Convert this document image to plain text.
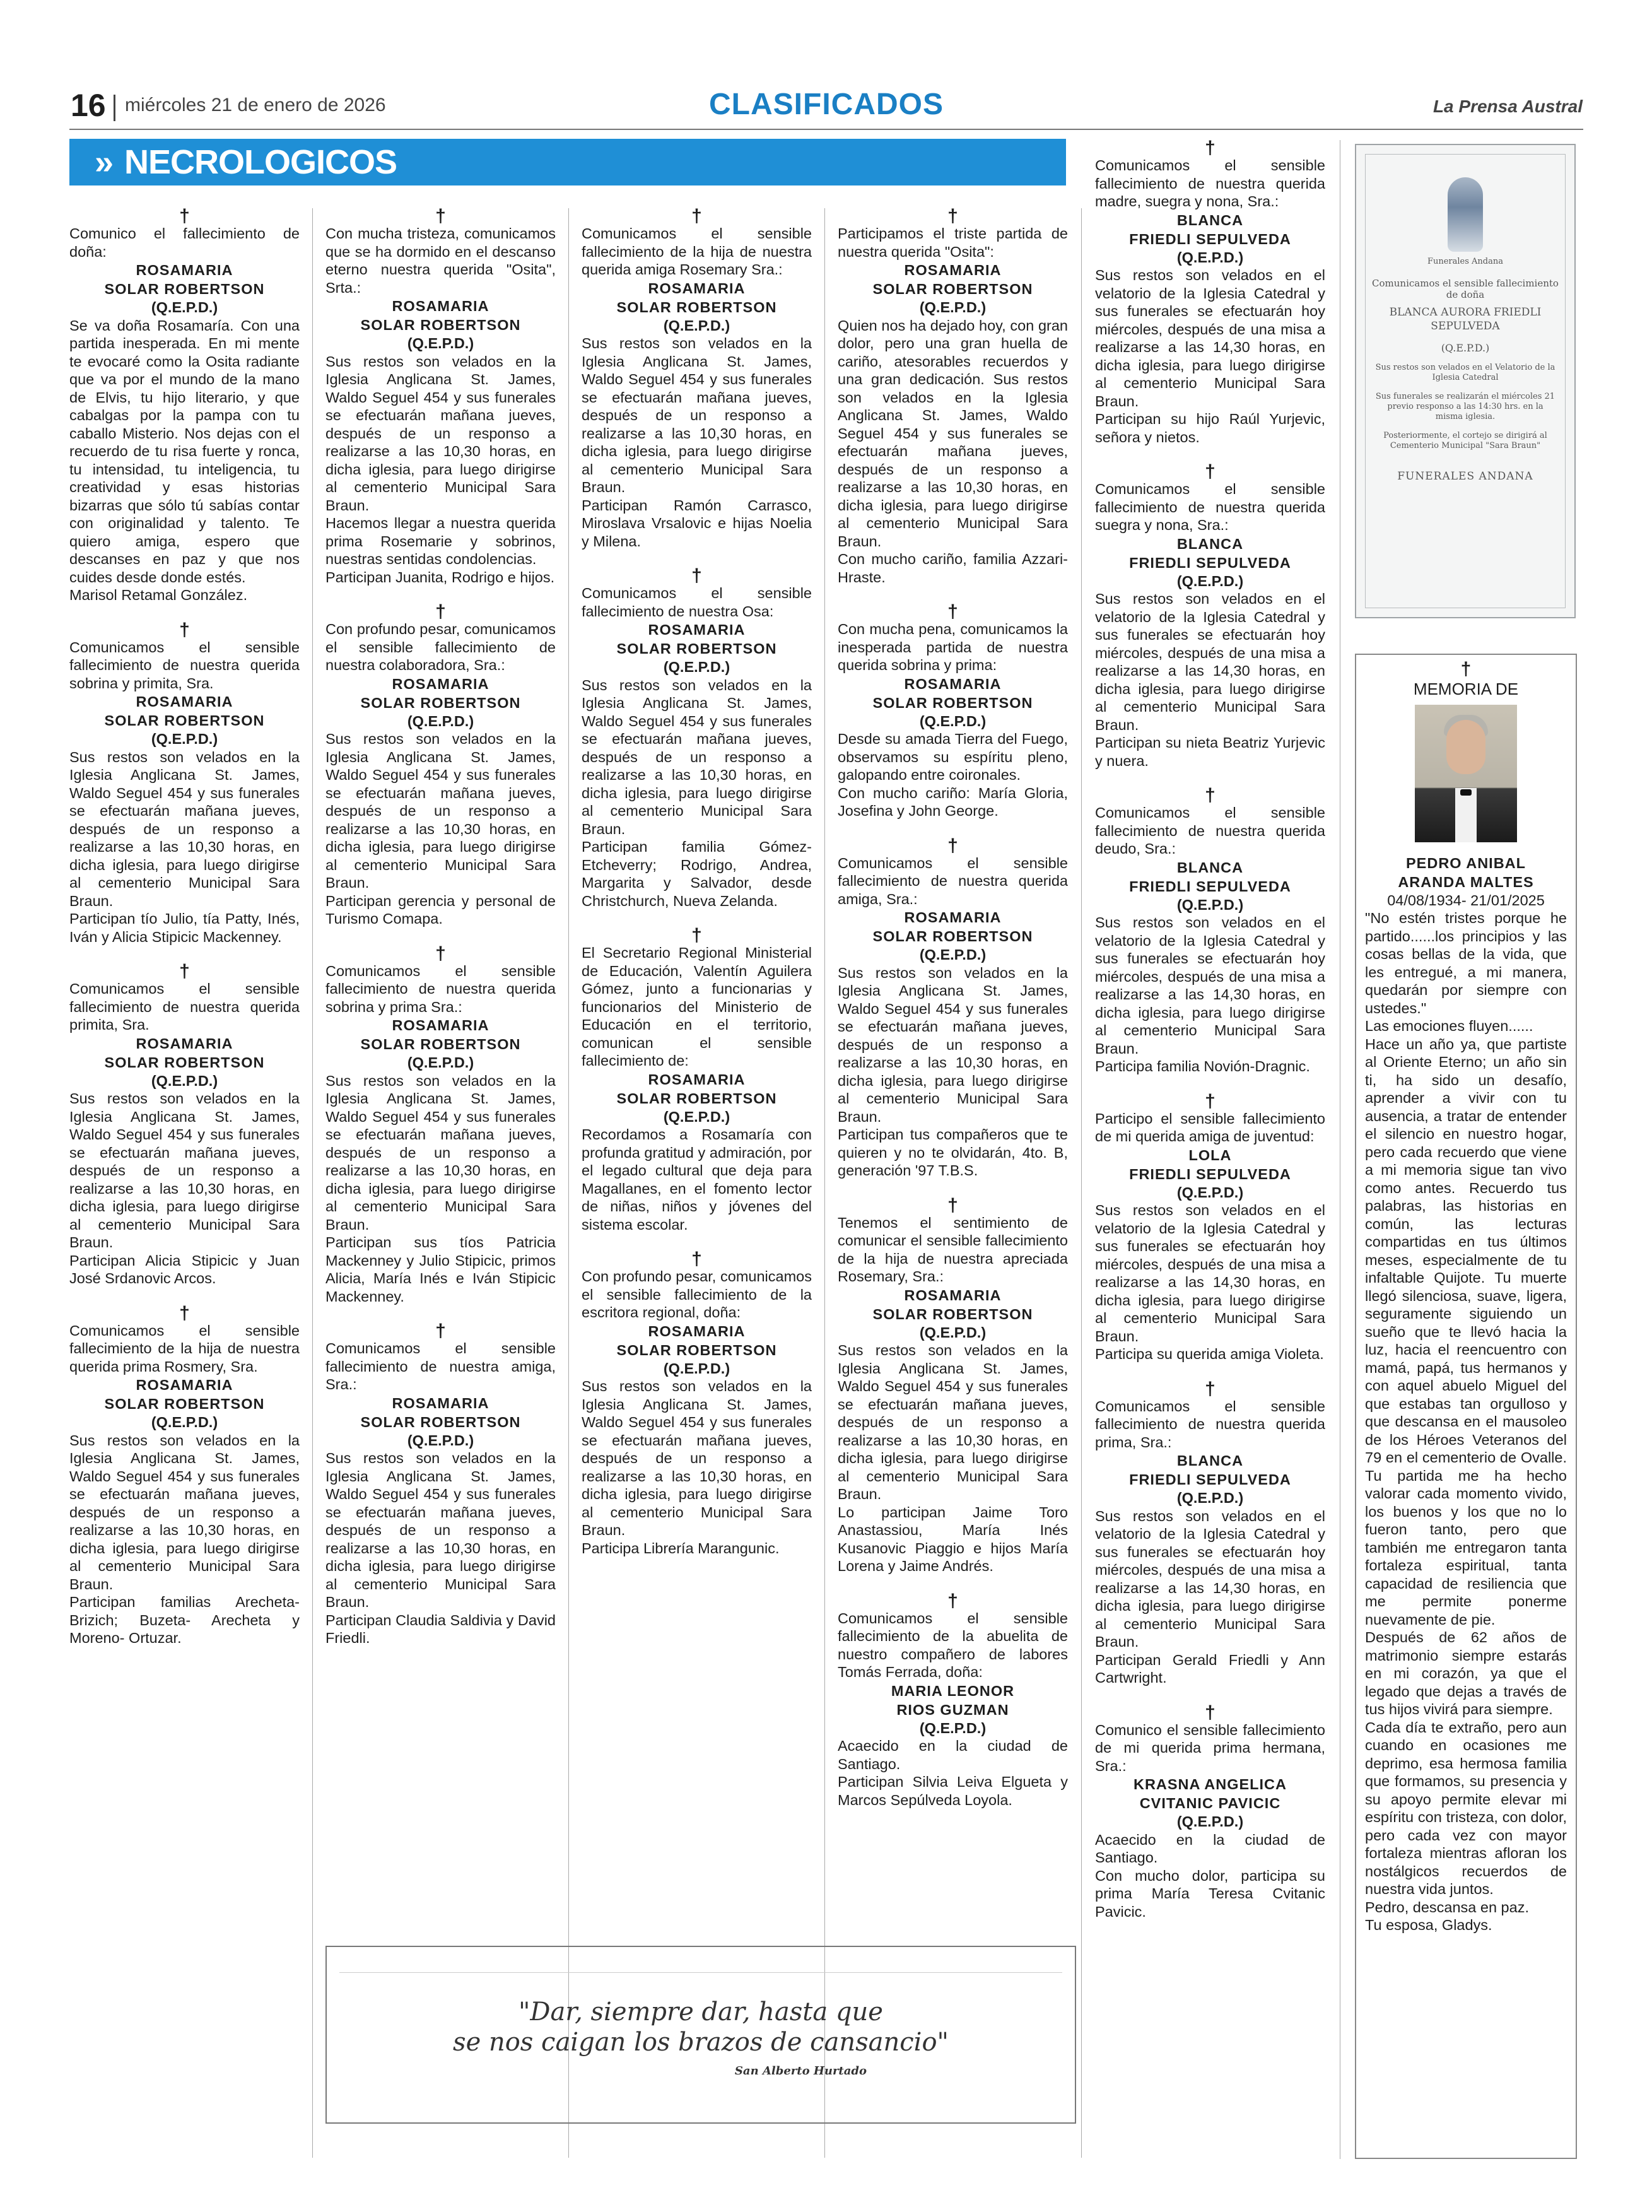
16 miércoles 21 de enero de 2026	CLASIFICADOS	La Prensa Austral
» NECROLOGICOS
†

Comunico el fallecimiento de doña:

ROSAMARIA
SOLAR ROBERTSON
(Q.E.P.D.)

Se va doña Rosamaría. Con una partida inesperada. En mi mente te evocaré como la Osita radiante que va por el mundo de la mano de Elvis, tu hijo literario, y que cabalgas por la pampa con tu caballo Misterio. Nos dejas con el recuerdo de tu risa fuerte y ronca, tu intensidad, tu inteligencia, tu creatividad y esas historias bizarras que sólo tú sabías contar con originalidad y talento. Te quiero amiga, espero que descanses en paz y que nos cuides desde donde estés.

Marisol Retamal González.

†

Comunicamos el sensible fallecimiento de nuestra querida sobrina y primita, Sra.

ROSAMARIA
SOLAR ROBERTSON
(Q.E.P.D.)

Sus restos son velados en la Iglesia Anglicana St. James, Waldo Seguel 454 y sus funerales se efectuarán mañana jueves, después de un responso a realizarse a las 10,30 horas, en dicha iglesia, para luego dirigirse al cementerio Municipal Sara Braun.

Participan tío Julio, tía Patty, Inés, Iván y Alicia Stipicic Mackenney.

†

Comunicamos el sensible fallecimiento de nuestra querida primita, Sra.

ROSAMARIA
SOLAR ROBERTSON
(Q.E.P.D.)

Sus restos son velados en la Iglesia Anglicana St. James, Waldo Seguel 454 y sus funerales se efectuarán mañana jueves, después de un responso a realizarse a las 10,30 horas, en dicha iglesia, para luego dirigirse al cementerio Municipal Sara Braun.

Participan Alicia Stipicic y Juan José Srdanovic Arcos.

†

Comunicamos el sensible fallecimiento de la hija de nuestra querida prima Rosmery, Sra.

ROSAMARIA
SOLAR ROBERTSON
(Q.E.P.D.)

Sus restos son velados en la Iglesia Anglicana St. James, Waldo Seguel 454 y sus funerales se efectuarán mañana jueves, después de un responso a realizarse a las 10,30 horas, en dicha iglesia, para luego dirigirse al cementerio Municipal Sara Braun.

Participan familias Arecheta-Brizich; Buzeta- Arecheta y Moreno- Ortuzar.

†

Con mucha tristeza, comunicamos que se ha dormido en el descanso eterno nuestra querida "Osita", Srta.:

ROSAMARIA
SOLAR ROBERTSON
(Q.E.P.D.)

Sus restos son velados en la Iglesia Anglicana St. James, Waldo Seguel 454 y sus funerales se efectuarán mañana jueves, después de un responso a realizarse a las 10,30 horas, en dicha iglesia, para luego dirigirse al cementerio Municipal Sara Braun.

Hacemos llegar a nuestra querida prima Rosemarie y sobrinos, nuestras sentidas condolencias.

Participan Juanita, Rodrigo e hijos.

†

Con profundo pesar, comunicamos el sensible fallecimiento de nuestra colaboradora, Sra.:

ROSAMARIA
SOLAR ROBERTSON
(Q.E.P.D.)

Sus restos son velados en la Iglesia Anglicana St. James, Waldo Seguel 454 y sus funerales se efectuarán mañana jueves, después de un responso a realizarse a las 10,30 horas, en dicha iglesia, para luego dirigirse al cementerio Municipal Sara Braun.

Participan gerencia y personal de Turismo Comapa.

†

Comunicamos el sensible fallecimiento de nuestra querida sobrina y prima Sra.:

ROSAMARIA
SOLAR ROBERTSON
(Q.E.P.D.)

Sus restos son velados en la Iglesia Anglicana St. James, Waldo Seguel 454 y sus funerales se efectuarán mañana jueves, después de un responso a realizarse a las 10,30 horas, en dicha iglesia, para luego dirigirse al cementerio Municipal Sara Braun.

Participan sus tíos Patricia Mackenney y Julio Stipicic, primos Alicia, María Inés e Iván Stipicic Mackenney.

†

Comunicamos el sensible fallecimiento de nuestra amiga, Sra.:

ROSAMARIA
SOLAR ROBERTSON
(Q.E.P.D.)

Sus restos son velados en la Iglesia Anglicana St. James, Waldo Seguel 454 y sus funerales se efectuarán mañana jueves, después de un responso a realizarse a las 10,30 horas, en dicha iglesia, para luego dirigirse al cementerio Municipal Sara Braun.

Participan Claudia Saldivia y David Friedli.

†

Comunicamos el sensible fallecimiento de la hija de nuestra querida amiga Rosemary Sra.:

ROSAMARIA
SOLAR ROBERTSON
(Q.E.P.D.)

Sus restos son velados en la Iglesia Anglicana St. James, Waldo Seguel 454 y sus funerales se efectuarán mañana jueves, después de un responso a realizarse a las 10,30 horas, en dicha iglesia, para luego dirigirse al cementerio Municipal Sara Braun.

Participan Ramón Carrasco, Miroslava Vrsalovic e hijas Noelia y Milena.

†

Comunicamos el sensible fallecimiento de nuestra Osa:

ROSAMARIA
SOLAR ROBERTSON
(Q.E.P.D.)

Sus restos son velados en la Iglesia Anglicana St. James, Waldo Seguel 454 y sus funerales se efectuarán mañana jueves, después de un responso a realizarse a las 10,30 horas, en dicha iglesia, para luego dirigirse al cementerio Municipal Sara Braun.

Participan familia Gómez-Etcheverry; Rodrigo, Andrea, Margarita y Salvador, desde Christchurch, Nueva Zelanda.

†

El Secretario Regional Ministerial de Educación, Valentín Aguilera Gómez, junto a funcionarias y funcionarios del Ministerio de Educación en el territorio, comunican el sensible fallecimiento de:

ROSAMARIA
SOLAR ROBERTSON
(Q.E.P.D.)

Recordamos a Rosamaría con profunda gratitud y admiración, por el legado cultural que deja para Magallanes, en el fomento lector de niñas, niños y jóvenes del sistema escolar.

†

Con profundo pesar, comunicamos el sensible fallecimiento de la escritora regional, doña:

ROSAMARIA
SOLAR ROBERTSON
(Q.E.P.D.)

Sus restos son velados en la Iglesia Anglicana St. James, Waldo Seguel 454 y sus funerales se efectuarán mañana jueves, después de un responso a realizarse a las 10,30 horas, en dicha iglesia, para luego dirigirse al cementerio Municipal Sara Braun.

Participa Librería Marangunic.

†

Participamos el triste partida de nuestra querida "Osita":

ROSAMARIA
SOLAR ROBERTSON
(Q.E.P.D.)

Quien nos ha dejado hoy, con gran dolor, pero una gran huella de cariño, atesorables recuerdos y una gran dedicación. Sus restos son velados en la Iglesia Anglicana St. James, Waldo Seguel 454 y sus funerales se efectuarán mañana jueves, después de un responso a realizarse a las 10,30 horas, en dicha iglesia, para luego dirigirse al cementerio Municipal Sara Braun.

Con mucho cariño, familia Azzari- Hraste.

†

Con mucha pena, comunicamos la inesperada partida de nuestra querida sobrina y prima:

ROSAMARIA
SOLAR ROBERTSON
(Q.E.P.D.)

Desde su amada Tierra del Fuego, observamos su espíritu pleno, galopando entre coironales.

Con mucho cariño: María Gloria, Josefina y John George.

†

Comunicamos el sensible fallecimiento de nuestra querida amiga, Sra.:

ROSAMARIA
SOLAR ROBERTSON
(Q.E.P.D.)

Sus restos son velados en la Iglesia Anglicana St. James, Waldo Seguel 454 y sus funerales se efectuarán mañana jueves, después de un responso a realizarse a las 10,30 horas, en dicha iglesia, para luego dirigirse al cementerio Municipal Sara Braun.

Participan tus compañeros que te quieren y no te olvidarán, 4to. B, generación '97 T.B.S.

†

Tenemos el sentimiento de comunicar el sensible fallecimiento de la hija de nuestra apreciada Rosemary, Sra.:

ROSAMARIA
SOLAR ROBERTSON
(Q.E.P.D.)

Sus restos son velados en la Iglesia Anglicana St. James, Waldo Seguel 454 y sus funerales se efectuarán mañana jueves, después de un responso a realizarse a las 10,30 horas, en dicha iglesia, para luego dirigirse al cementerio Municipal Sara Braun.

Lo participan Jaime Toro Anastassiou, María Inés Kusanovic Piaggio e hijos María Lorena y Jaime Andrés.

†

Comunicamos el sensible fallecimiento de la abuelita de nuestro compañero de labores Tomás Ferrada, doña:

MARIA LEONOR
RIOS GUZMAN
(Q.E.P.D.)

Acaecido en la ciudad de Santiago.

Participan Silvia Leiva Elgueta y Marcos Sepúlveda Loyola.

†

Comunicamos el sensible fallecimiento de nuestra querida madre, suegra y nona, Sra.:

BLANCA
FRIEDLI SEPULVEDA
(Q.E.P.D.)

Sus restos son velados en el velatorio de la Iglesia Catedral y sus funerales se efectuarán hoy miércoles, después de una misa a realizarse a las 14,30 horas, en dicha iglesia, para luego dirigirse al cementerio Municipal Sara Braun.

Participan su hijo Raúl Yurjevic, señora y nietos.

†

Comunicamos el sensible fallecimiento de nuestra querida suegra y nona, Sra.:

BLANCA
FRIEDLI SEPULVEDA
(Q.E.P.D.)

Sus restos son velados en el velatorio de la Iglesia Catedral y sus funerales se efectuarán hoy miércoles, después de una misa a realizarse a las 14,30 horas, en dicha iglesia, para luego dirigirse al cementerio Municipal Sara Braun.

Participan su nieta Beatriz Yurjevic y nuera.

†

Comunicamos el sensible fallecimiento de nuestra querida deudo, Sra.:

BLANCA
FRIEDLI SEPULVEDA
(Q.E.P.D.)

Sus restos son velados en el velatorio de la Iglesia Catedral y sus funerales se efectuarán hoy miércoles, después de una misa a realizarse a las 14,30 horas, en dicha iglesia, para luego dirigirse al cementerio Municipal Sara Braun.

Participa familia Novión-Dragnic.

†

Participo el sensible fallecimiento de mi querida amiga de juventud:

LOLA
FRIEDLI SEPULVEDA
(Q.E.P.D.)

Sus restos son velados en el velatorio de la Iglesia Catedral y sus funerales se efectuarán hoy miércoles, después de una misa a realizarse a las 14,30 horas, en dicha iglesia, para luego dirigirse al cementerio Municipal Sara Braun.

Participa su querida amiga Violeta.

†

Comunicamos el sensible fallecimiento de nuestra querida prima, Sra.:

BLANCA
FRIEDLI SEPULVEDA
(Q.E.P.D.)

Sus restos son velados en el velatorio de la Iglesia Catedral y sus funerales se efectuarán hoy miércoles, después de una misa a realizarse a las 14,30 horas, en dicha iglesia, para luego dirigirse al cementerio Municipal Sara Braun.

Participan Gerald Friedli y Ann Cartwright.

†

Comunico el sensible fallecimiento de mi querida prima hermana, Sra.:

KRASNA ANGELICA
CVITANIC PAVICIC
(Q.E.P.D.)

Acaecido en la ciudad de Santiago.

Con mucho dolor, participa su prima María Teresa Cvitanic Pavicic.

Funerales Andana
Comunicamos el sensible fallecimiento de doña
BLANCA AURORA FRIEDLI SEPULVEDA
(Q.E.P.D.)
Sus restos son velados en el Velatorio de la Iglesia Catedral
Sus funerales se realizarán el miércoles 21 previo responso a las 14:30 hrs. en la misma iglesia.
Posteriormente, el cortejo se dirigirá al Cementerio Municipal "Sara Braun"
FUNERALES ANDANA
†
MEMORIA DE
PEDRO ANIBAL
ARANDA MALTES
04/08/1934- 21/01/2025

"No estén tristes porque he partido......los principios y las cosas bellas de la vida, que les entregué, a mi manera, quedarán por siempre con ustedes."

Las emociones fluyen......

Hace un año ya, que partiste al Oriente Eterno; un año sin ti, ha sido un desafío, aprender a vivir con tu ausencia, a tratar de entender el silencio en nuestro hogar, pero cada recuerdo que viene a mi memoria sigue tan vivo como antes. Recuerdo tus palabras, las historias en común, las lecturas compartidas en tus últimos meses, especialmente de tu infaltable Quijote. Tu muerte llegó silenciosa, suave, ligera, seguramente siguiendo un sueño que te llevó hacia la luz, hacia el reencuentro con mamá, papá, tus hermanos y con aquel abuelo Miguel del que estabas tan orgulloso y que descansa en el mausoleo de los Héroes Veteranos del 79 en el cementerio de Ovalle. Tu partida me ha hecho valorar cada momento vivido, los buenos y los que no lo fueron tanto, pero que también me entregaron tanta fortaleza espiritual, tanta capacidad de resiliencia que me permite ponerme nuevamente de pie.

Después de 62 años de matrimonio siempre estarás en mi corazón, ya que el legado que dejas a través de tus hijos vivirá para siempre.

Cada día te extraño, pero aun cuando en ocasiones me deprimo, esa hermosa familia que formamos, su presencia y su apoyo permite elevar mi espíritu con tristeza, con dolor, pero cada vez con mayor fortaleza mientras afloran los nostálgicos recuerdos de nuestra vida juntos.

Pedro, descansa en paz.

Tu esposa, Gladys.

"Dar, siempre dar, hasta que
se nos caigan los brazos de cansancio"
San Alberto Hurtado
